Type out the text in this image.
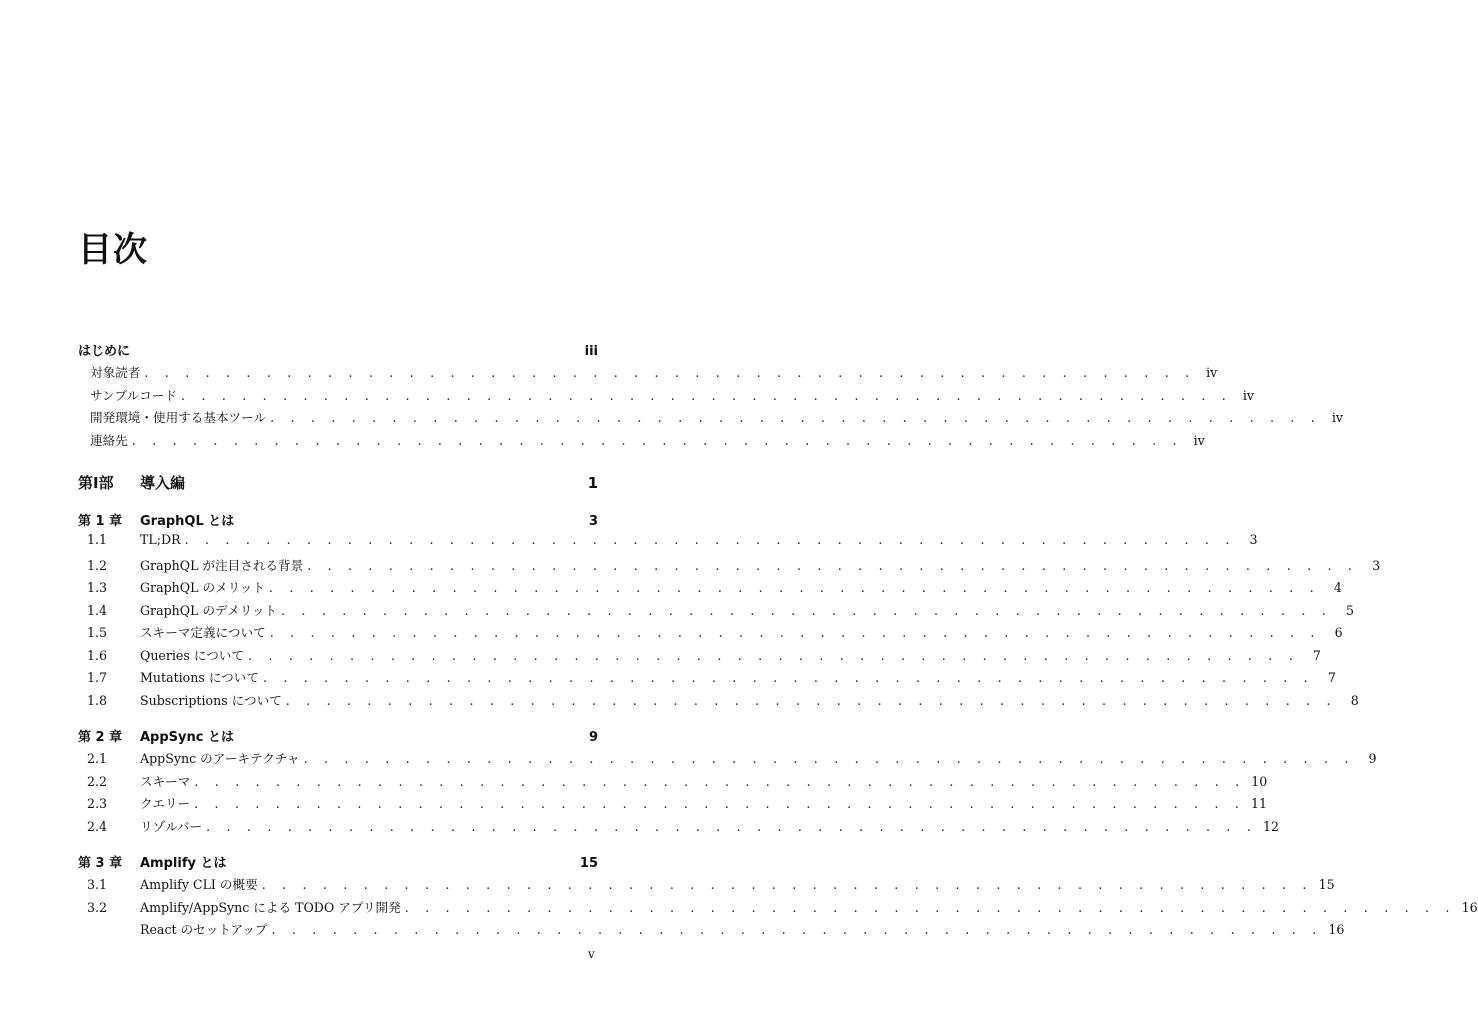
目次
はじめに	iii
対象読者 . . . . . . . . . . . . . . . . . . . . . . . . . . . . . . . . . . . . . . . . . . . . . . . . . . . . iv
サンプルコード . . . . . . . . . . . . . . . . . . . . . . . . . . . . . . . . . . . . . . . . . . . . . . . . . . . . iv
開発環境・使用する基本ツール . . . . . . . . . . . . . . . . . . . . . . . . . . . . . . . . . . . . . . . . . . . . . . . . . . . . iv
連絡先 . . . . . . . . . . . . . . . . . . . . . . . . . . . . . . . . . . . . . . . . . . . . . . . . . . . . iv
第I部	導入編	1
第 1 章	GraphQL とは	3
1.1	TL;DR . . . . . . . . . . . . . . . . . . . . . . . . . . . . . . . . . . . . . . . . . . . . . . . . . . . .	3
1.2	GraphQL が注目される背景 . . . . . . . . . . . . . . . . . . . . . . . . . . . . . . . . . . . . . . . . . . . . . . . . . . . .	3
1.3	GraphQL のメリット . . . . . . . . . . . . . . . . . . . . . . . . . . . . . . . . . . . . . . . . . . . . . . . . . . . .	4
1.4	GraphQL のデメリット . . . . . . . . . . . . . . . . . . . . . . . . . . . . . . . . . . . . . . . . . . . . . . . . . . . .	5
1.5	スキーマ定義について . . . . . . . . . . . . . . . . . . . . . . . . . . . . . . . . . . . . . . . . . . . . . . . . . . . .	6
1.6	Queries について . . . . . . . . . . . . . . . . . . . . . . . . . . . . . . . . . . . . . . . . . . . . . . . . . . . .	7
1.7	Mutations について . . . . . . . . . . . . . . . . . . . . . . . . . . . . . . . . . . . . . . . . . . . . . . . . . . . .	7
1.8	Subscriptions について . . . . . . . . . . . . . . . . . . . . . . . . . . . . . . . . . . . . . . . . . . . . . . . . . . . .	8
第 2 章	AppSync とは	9
2.1	AppSync のアーキテクチャ . . . . . . . . . . . . . . . . . . . . . . . . . . . . . . . . . . . . . . . . . . . . . . . . . . . .	9
2.2	スキーマ . . . . . . . . . . . . . . . . . . . . . . . . . . . . . . . . . . . . . . . . . . . . . . . . . . . . 10
2.3	クエリー . . . . . . . . . . . . . . . . . . . . . . . . . . . . . . . . . . . . . . . . . . . . . . . . . . . . 11
2.4	リゾルバー . . . . . . . . . . . . . . . . . . . . . . . . . . . . . . . . . . . . . . . . . . . . . . . . . . . . 12
第 3 章	Amplify とは	15
3.1	Amplify CLI の概要 . . . . . . . . . . . . . . . . . . . . . . . . . . . . . . . . . . . . . . . . . . . . . . . . . . . . 15
3.2	Amplify/AppSync による TODO アプリ開発 . . . . . . . . . . . . . . . . . . . . . . . . . . . . . . . . . . . . . . . . . . . . . . . . . . . . 16
React のセットアップ . . . . . . . . . . . . . . . . . . . . . . . . . . . . . . . . . . . . . . . . . . . . . . . . . . . . 16
v
